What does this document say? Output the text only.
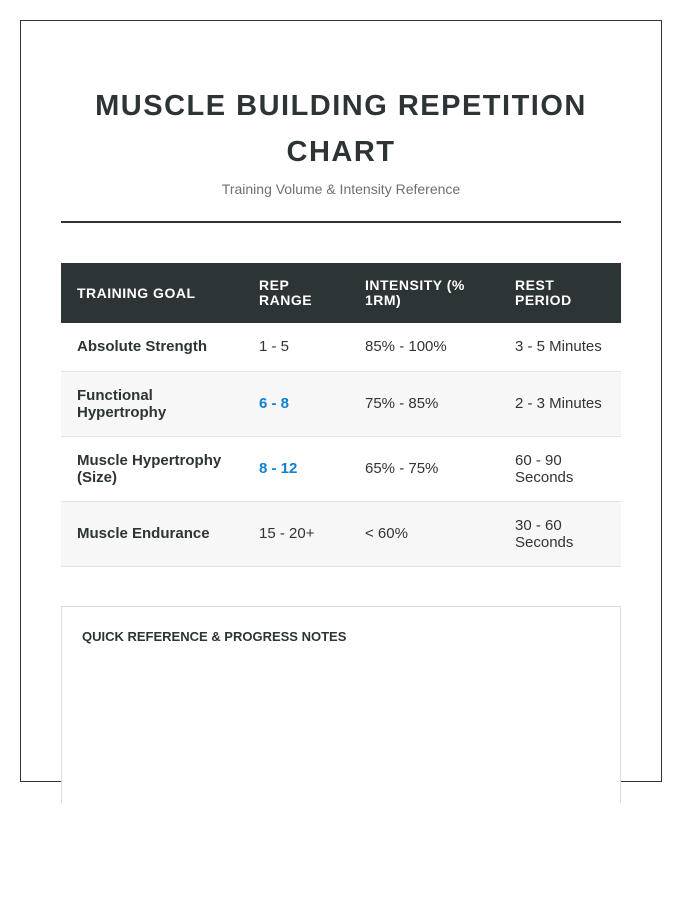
MUSCLE BUILDING REPETITION CHART
Training Volume & Intensity Reference
TRAINING GOAL	REP RANGE	INTENSITY (% 1RM)	REST PERIOD
Absolute Strength	1 - 5	85% - 100%	3 - 5 Minutes
Functional Hypertrophy	6 - 8	75% - 85%	2 - 3 Minutes
Muscle Hypertrophy (Size)	8 - 12	65% - 75%	60 - 90 Seconds
Muscle Endurance	15 - 20+	< 60%	30 - 60 Seconds
QUICK REFERENCE & PROGRESS NOTES
